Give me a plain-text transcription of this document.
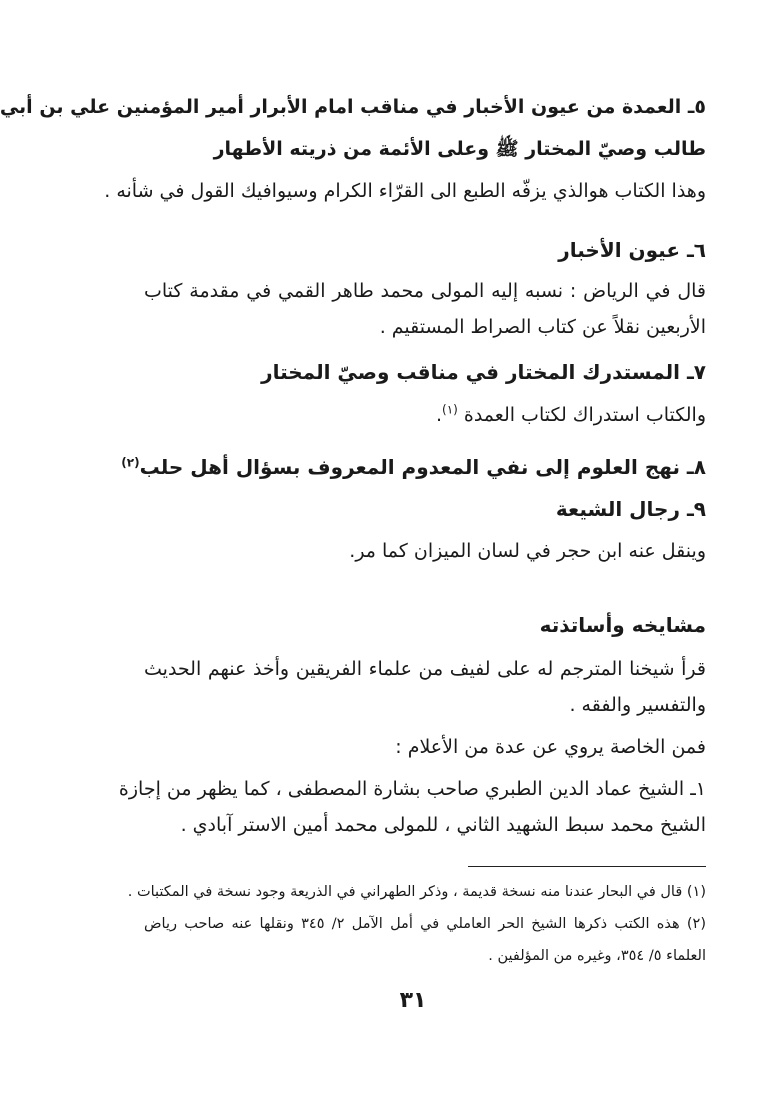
٥ـ العمدة من عيون الأخبار في مناقب امام الأبرار أمير المؤمنين علي بن أبي
طالب وصيّ المختار ﷺ وعلى الأئمة من ذريته الأطهار
وهذا الكتاب هوالذي يزفّه الطبع الى القرّاء الكرام وسيوافيك القول في شأنه .
٦ـ عيون الأخبار
قال في الرياض : نسبه إليه المولى محمد طاهر القمي في مقدمة كتاب
الأربعين نقلاً عن كتاب الصراط المستقيم .
٧ـ المستدرك المختار في مناقب وصيّ المختار
والكتاب استدراك لكتاب العمدة $^{(١)}$.
٨ـ نهج العلوم إلى نفي المعدوم المعروف بسؤال أهل حلب$^{(٢)}$
٩ـ رجال الشيعة
وينقل عنه ابن حجر في لسان الميزان كما مر.
مشايخه وأساتذته
قرأ شيخنا المترجم له على لفيف من علماء الفريقين وأخذ عنهم الحديث
والتفسير والفقه .
فمن الخاصة يروي عن عدة من الأعلام :
١ـ الشيخ عماد الدين الطبري صاحب بشارة المصطفى ، كما يظهر من إجازة
الشيخ محمد سبط الشهيد الثاني ، للمولى محمد أمين الاستر آبادي .
(١) قال في البحار عندنا منه نسخة قديمة ، وذكر الطهراني في الذريعة وجود نسخة في المكتبات .
(٢) هذه الكتب ذكرها الشيخ الحر العاملي في أمل الآمل ٢/ ٣٤٥ ونقلها عنه صاحب رياض
العلماء ٥/ ٣٥٤، وغيره من المؤلفين .
٣١
